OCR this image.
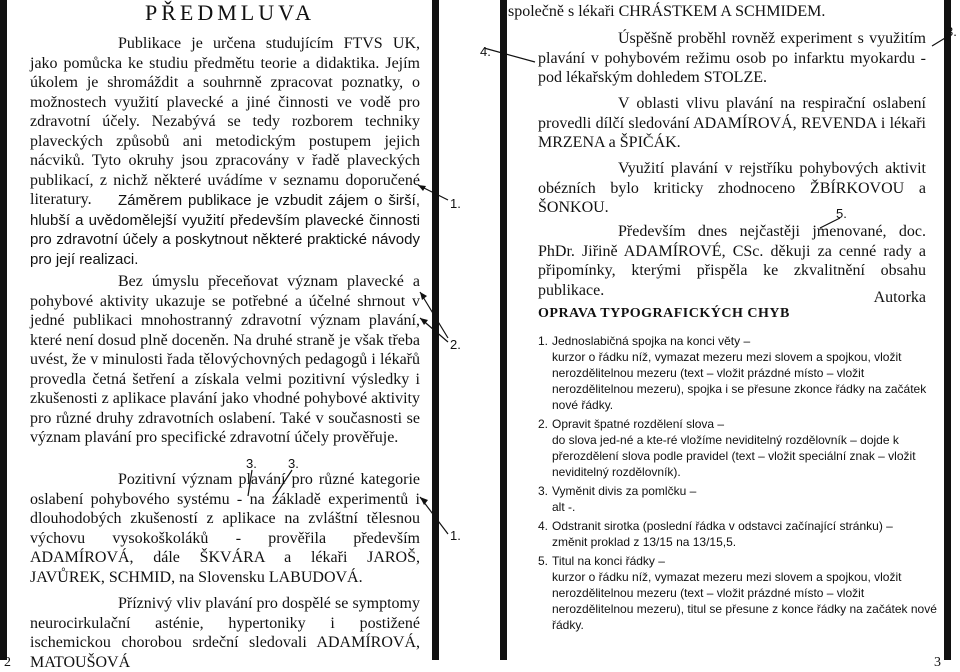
PŘEDMLUVA

Publikace je určena studujícím FTVS UK, jako pomůcka ke studiu předmětu teorie a didaktika. Jejím úkolem je shromáždit a souhrnně zpracovat poznatky, o možnostech využití plavecké a jiné činnosti ve vodě pro zdravotní účely. Nezabývá se tedy rozborem techniky plaveckých způsobů ani metodickým postupem jejich nácviků. Tyto okruhy jsou zpracovány v řadě plaveckých publikací, z nichž některé uvádíme v seznamu doporučené literatury.	Záměrem publikace je vzbudit zájem o širší, hlubší a uvědomělejší využití především plavecké činnosti pro zdravotní účely a poskytnout některé praktické návody pro její realizaci.

Bez úmyslu přeceňovat význam plavecké a pohybové aktivity ukazuje se potřebné a účelné shrnout v jedné publikaci mnohostranný zdravotní význam plavání, které není dosud plně doceněn. Na druhé straně je však třeba uvést, že v minulosti řada tělovýchovných pedagogů i lékařů provedla četná šetření a získala velmi pozitivní výsledky i zkušenosti z aplikace plavání jako vhodné pohybové aktivity pro různé druhy zdravotních oslabení. Také v současnosti se význam plavání pro specifické zdravotní účely prověřuje.

Pozitivní význam plavání pro různé kategorie oslabení pohybového systému - na základě experimentů i dlouhodobých zkušeností z aplikace na zvláštní tělesnou výchovu vysokoškoláků - prověřila především ADAMÍROVÁ, dále ŠKVÁRA a lékaři JAROŠ, JAVŮREK, SCHMID, na Slovensku LABUDOVÁ.

Příznivý vliv plavání pro dospělé se symptomy neurocirkulační asténie, hypertoniky i postižené ischemickou chorobou srdeční sledovali ADAMÍROVÁ, MATOUŠOVÁ

2
1.
2.
1.
3. 3.

společně s lékaři CHRÁSTKEM A SCHMIDEM.

Úspěšně proběhl rovněž experiment s využitím plavání v pohybovém režimu osob po infarktu myokardu - pod lékařským dohledem STOLZE.

V oblasti vlivu plavání na respirační oslabení provedli dílčí sledování ADAMÍROVÁ, REVENDA i lékaři MRZENA a ŠPIČÁK.

Využití plavání v rejstříku pohybových aktivit obézních bylo kriticky zhodnoceno ŽBÍRKOVOU a ŠONKOU.

Především dnes nejčastěji jmenované, doc. PhDr. Jiřině ADAMÍROVÉ, CSc. děkuji za cenné rady a připomínky, kterými přispěla ke zkvalitnění obsahu publikace.	Autorka

4.
3.
5.
OPRAVA TYPOGRAFICKÝCH CHYB
1. Jednoslabičná spojka na konci věty –
kurzor o řádku níž, vymazat mezeru mezi slovem a spojkou, vložit nerozdělitelnou mezeru (text – vložit prázdné místo – vložit nerozdělitelnou mezeru), spojka i se přesune zkonce řádky na začátek nové řádky.
2. Opravit špatné rozdělení slova –
do slova jed-né a kte-ré vložíme neviditelný rozdělovník – dojde k přerozdělení slova podle pravidel (text – vložit speciální znak – vložit neviditelný rozdělovník).
3. Vyměnit divis za pomlčku –
alt -.
4. Odstranit sirotka (poslední řádka v odstavci začínající stránku) –
změnit proklad z 13/15 na 13/15,5.
5. Titul na konci řádky –
kurzor o řádku níž, vymazat mezeru mezi slovem a spojkou, vložit nerozdělitelnou mezeru (text – vložit prázdné místo – vložit nerozdělitelnou mezeru), titul se přesune z konce řádky na začátek nové řádky.
3
